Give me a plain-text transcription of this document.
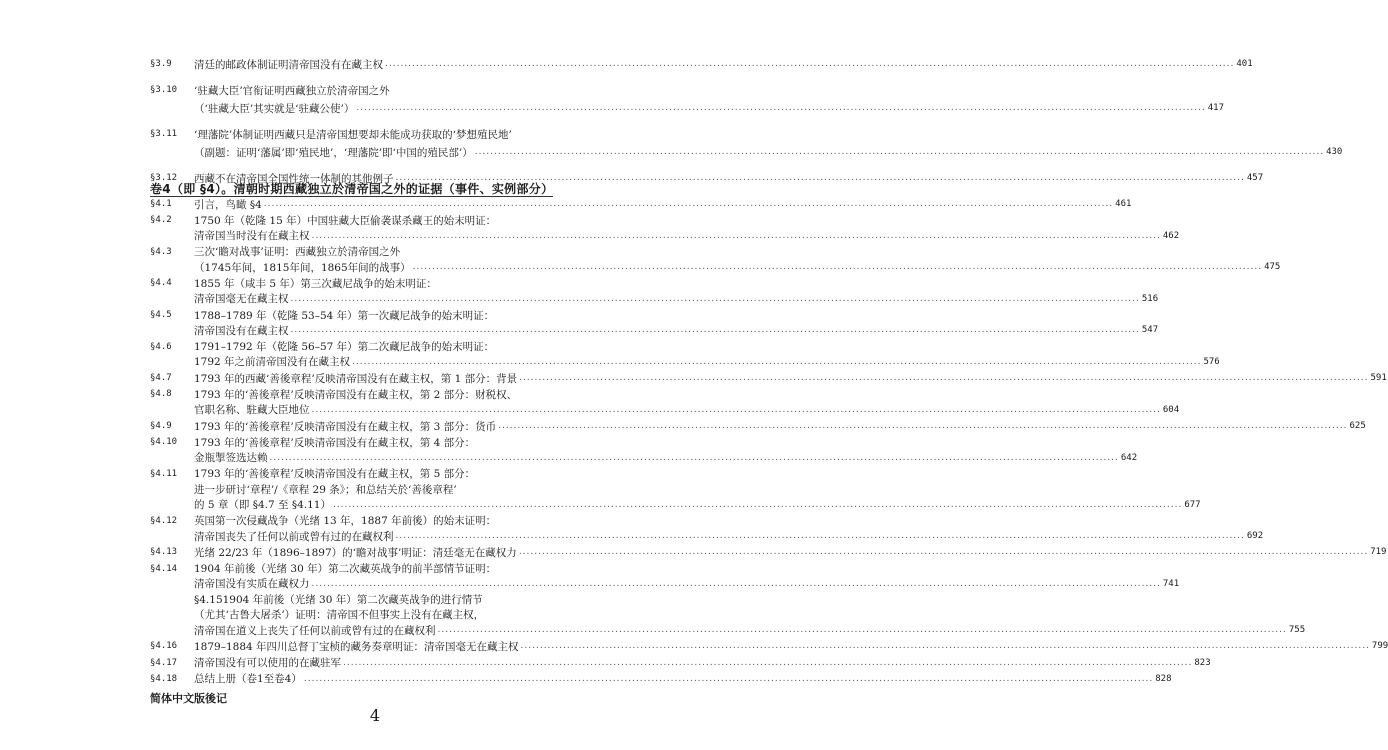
§3.9	清廷的邮政体制证明清帝国没有在藏主权 ............................................................................................................................................................................................................................ 401
§3.10	‘驻藏大臣’官衔证明西藏独立於清帝国之外
（‘驻藏大臣’其实就是‘驻藏公使’） ............................................................................................................................................................................................................................ 417
§3.11	‘理藩院’体制证明西藏只是清帝国想要却未能成功获取的‘梦想殖民地’
（副题：证明‘藩属’即‘殖民地’，‘理藩院’即‘中国的殖民部’） ............................................................................................................................................................................................................................ 430
§3.12	西藏不在清帝国全国性统一体制的其他例子 ............................................................................................................................................................................................................................ 457
卷4（即 §4）。清朝时期西藏独立於清帝国之外的证据（事件、实例部分）
§4.1	引言，鸟瞰 §4 ............................................................................................................................................................................................................................ 461
§4.2	1750 年（乾隆 15 年）中国驻藏大臣偷袭谋杀藏王的始末明证：
清帝国当时没有在藏主权 ............................................................................................................................................................................................................................ 462
§4.3	三次‘瞻对战事’证明：西藏独立於清帝国之外
（1745年间，1815年间，1865年间的战事） ............................................................................................................................................................................................................................ 475
§4.4	1855 年（咸丰 5 年）第三次藏尼战争的始末明证：
清帝国毫无在藏主权 ............................................................................................................................................................................................................................ 516
§4.5	1788–1789 年（乾隆 53–54 年）第一次藏尼战争的始末明证：
清帝国没有在藏主权 ............................................................................................................................................................................................................................ 547
§4.6	1791–1792 年（乾隆 56–57 年）第二次藏尼战争的始末明证：
1792 年之前清帝国没有在藏主权 ............................................................................................................................................................................................................................ 576
§4.7	1793 年的西藏‘善後章程’反映清帝国没有在藏主权，第 1 部分：背景 ............................................................................................................................................................................................................................ 591
§4.8	1793 年的‘善後章程’反映清帝国没有在藏主权，第 2 部分：财税权、
官职名称、駐藏大臣地位 ............................................................................................................................................................................................................................ 604
§4.9	1793 年的‘善後章程’反映清帝国没有在藏主权，第 3 部分：货币 ............................................................................................................................................................................................................................ 625
§4.10	1793 年的‘善後章程’反映清帝国没有在藏主权，第 4 部分：
金瓶掣签选达赖 ............................................................................................................................................................................................................................ 642
§4.11	1793 年的‘善後章程’反映清帝国没有在藏主权，第 5 部分：
进一步研讨‘章程’/《章程 29 条》；和总结关於‘善後章程’
的 5 章（即 §4.7 至 §4.11） ............................................................................................................................................................................................................................ 677
§4.12	英国第一次侵藏战争（光绪 13 年，1887 年前後）的始末证明：
清帝国丧失了任何以前或曾有过的在藏权利 ............................................................................................................................................................................................................................ 692
§4.13	光绪 22/23 年（1896–1897）的‘瞻对战事’明证：清廷毫无在藏权力 ............................................................................................................................................................................................................................ 719
§4.14	1904 年前後（光绪 30 年）第二次藏英战争的前半部情节证明：
清帝国没有实质在藏权力 ............................................................................................................................................................................................................................ 741
§4.151904 年前後（光绪 30 年）第二次藏英战争的进行情节
（尤其‘古鲁大屠杀’）证明：清帝国不但事实上没有在藏主权，
清帝国在道义上丧失了任何以前或曾有过的在藏权利 ............................................................................................................................................................................................................................ 755
§4.16	1879–1884 年四川总督丁宝桢的藏务奏章明证：清帝国毫无在藏主权 ............................................................................................................................................................................................................................ 799
§4.17	清帝国没有可以使用的在藏驻军 ............................................................................................................................................................................................................................ 823
§4.18	总结上册（卷1至卷4） ............................................................................................................................................................................................................................ 828
简体中文版後记
4
